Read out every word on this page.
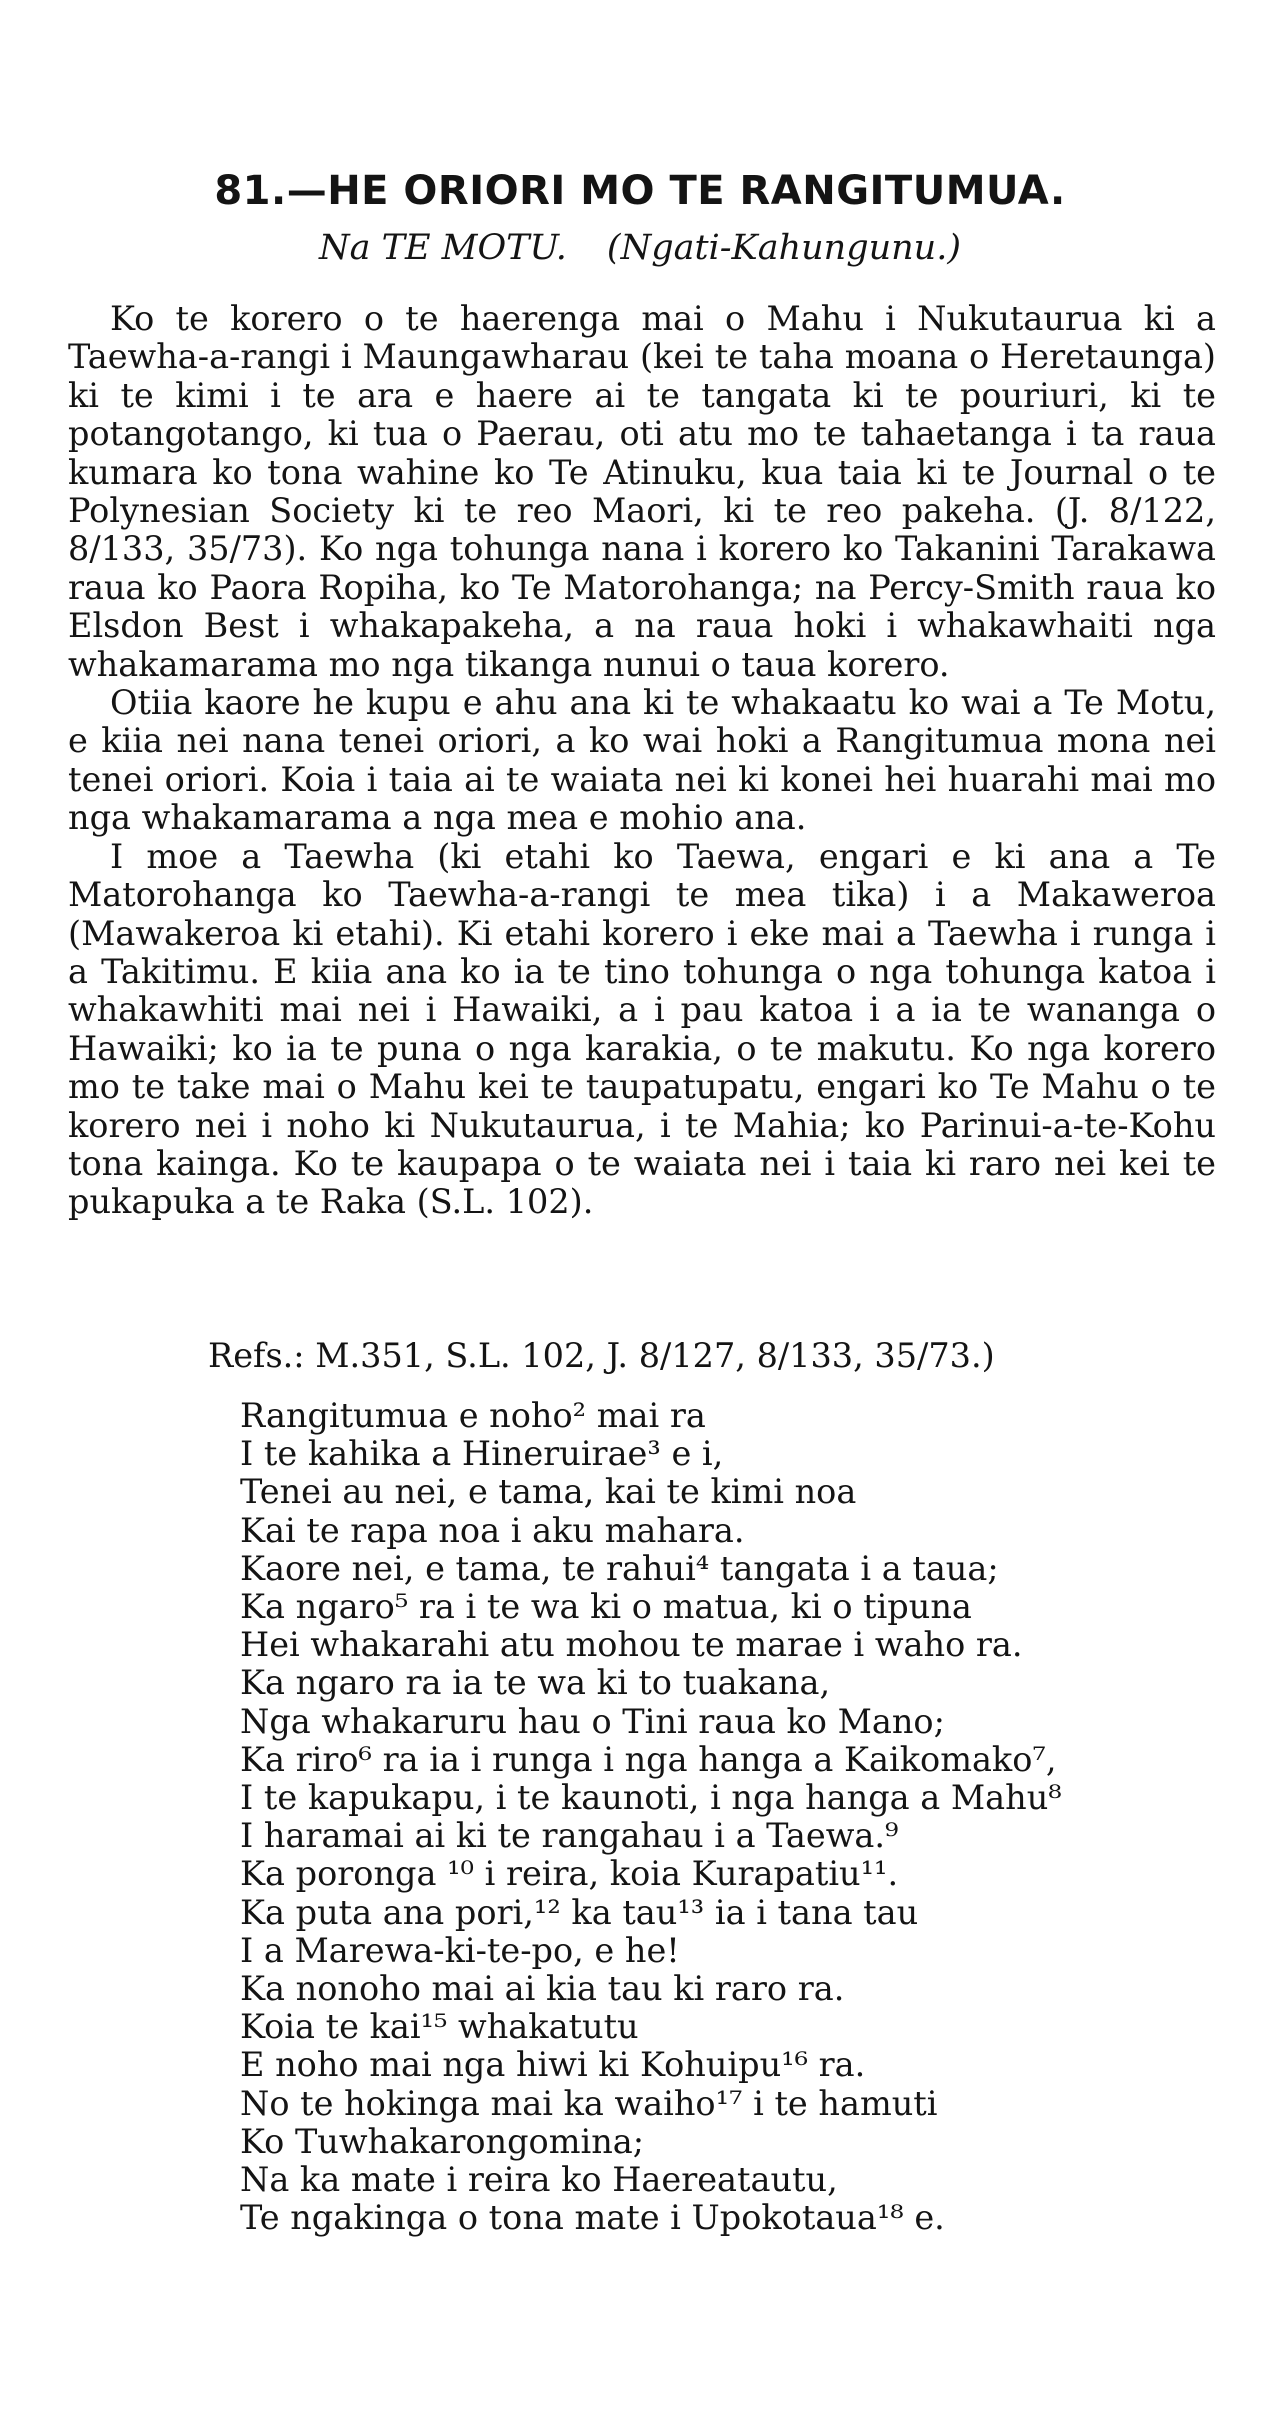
81.—HE ORIORI MO TE RANGITUMUA.
Na TE MOTU. (Ngati-Kahungunu.)

Ko te korero o te haerenga mai o Mahu i Nukutaurua ki a Taewha-a-rangi i Maungawharau (kei te taha moana o Heretaunga) ki te kimi i te ara e haere ai te tangata ki te pouriuri, ki te potangotango, ki tua o Paerau, oti atu mo te tahaetanga i ta raua kumara ko tona wahine ko Te Atinuku, kua taia ki te Journal o te Polynesian Society ki te reo Maori, ki te reo pakeha. (J. 8/122, 8/133, 35/73). Ko nga tohunga nana i korero ko Takanini Tarakawa raua ko Paora Ropiha, ko Te Matorohanga; na Percy-Smith raua ko Elsdon Best i whakapakeha, a na raua hoki i whakawhaiti nga whakamarama mo nga tikanga nunui o taua korero.

Otiia kaore he kupu e ahu ana ki te whakaatu ko wai a Te Motu, e kiia nei nana tenei oriori, a ko wai hoki a Rangitumua mona nei tenei oriori. Koia i taia ai te waiata nei ki konei hei huarahi mai mo nga whakamarama a nga mea e mohio ana.

I moe a Taewha (ki etahi ko Taewa, engari e ki ana a Te Matorohanga ko Taewha-a-rangi te mea tika) i a Makaweroa (Mawakeroa ki etahi). Ki etahi korero i eke mai a Taewha i runga i a Takitimu. E kiia ana ko ia te tino tohunga o nga tohunga katoa i whakawhiti mai nei i Hawaiki, a i pau katoa i a ia te wananga o Hawaiki; ko ia te puna o nga karakia, o te makutu. Ko nga korero mo te take mai o Mahu kei te taupatupatu, engari ko Te Mahu o te korero nei i noho ki Nukutaurua, i te Mahia; ko Parinui-a-te-Kohu tona kainga. Ko te kaupapa o te waiata nei i taia ki raro nei kei te pukapuka a te Raka (S.L. 102).

Refs.: M.351, S.L. 102, J. 8/127, 8/133, 35/73.)
Rangitumua e noho² mai ra
I te kahika a Hineruirae³ e i,
Tenei au nei, e tama, kai te kimi noa
Kai te rapa noa i aku mahara.
Kaore nei, e tama, te rahui⁴ tangata i a taua;
Ka ngaro⁵ ra i te wa ki o matua, ki o tipuna
Hei whakarahi atu mohou te marae i waho ra.
Ka ngaro ra ia te wa ki to tuakana,
Nga whakaruru hau o Tini raua ko Mano;
Ka riro⁶ ra ia i runga i nga hanga a Kaikomako⁷,
I te kapukapu, i te kaunoti, i nga hanga a Mahu⁸
I haramai ai ki te rangahau i a Taewa.⁹
Ka poronga ¹⁰ i reira, koia Kurapatiu¹¹.
Ka puta ana pori,¹² ka tau¹³ ia i tana tau
I a Marewa-ki-te-po, e he!
Ka nonoho mai ai kia tau ki raro ra.
Koia te kai¹⁵ whakatutu
E noho mai nga hiwi ki Kohuipu¹⁶ ra.
No te hokinga mai ka waiho¹⁷ i te hamuti
Ko Tuwhakarongomina;
Na ka mate i reira ko Haereatautu,
Te ngakinga o tona mate i Upokotaua¹⁸ e.
